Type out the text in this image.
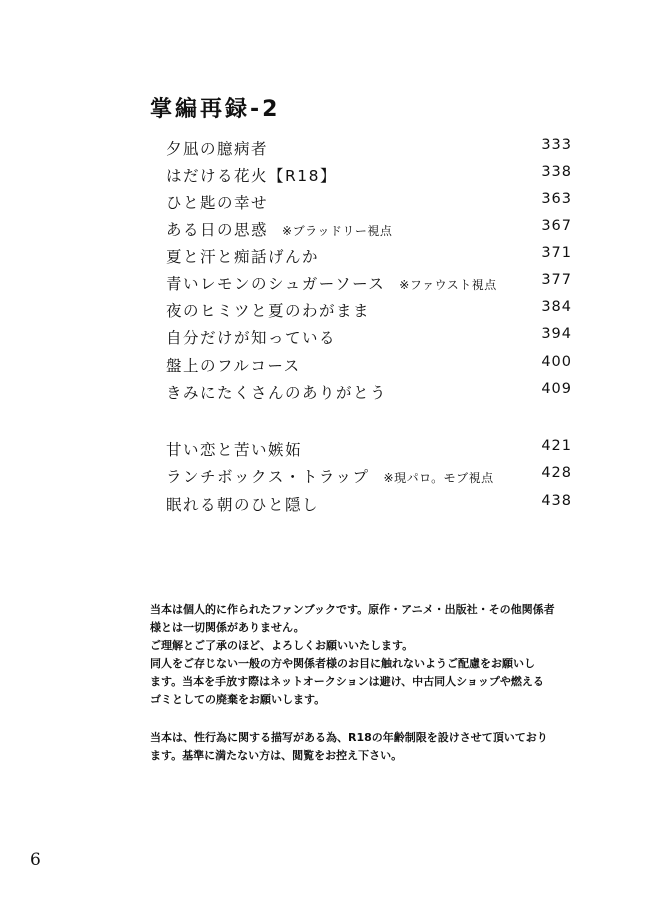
掌編再録-2
夕凪の臆病者	333
はだける花火【R18】	338
ひと匙の幸せ	363
ある日の思惑 ※ブラッドリー視点	367
夏と汗と痴話げんか	371
青いレモンのシュガーソース ※ファウスト視点	377
夜のヒミツと夏のわがまま	384
自分だけが知っている	394
盤上のフルコース	400
きみにたくさんのありがとう	409
甘い恋と苦い嫉妬	421
ランチボックス・トラップ ※現パロ。モブ視点	428
眠れる朝のひと隠し	438

当本は個人的に作られたファンブックです。原作・アニメ・出版社・その他関係者

様とは一切関係がありません。

ご理解とご了承のほど、よろしくお願いいたします。

同人をご存じない一般の方や関係者様のお目に触れないようご配慮をお願いし

ます。当本を手放す際はネットオークションは避け、中古同人ショップや燃える

ゴミとしての廃棄をお願いします。

当本は、性行為に関する描写がある為、R18の年齢制限を設けさせて頂いており

ます。基準に満たない方は、閲覧をお控え下さい。

6
